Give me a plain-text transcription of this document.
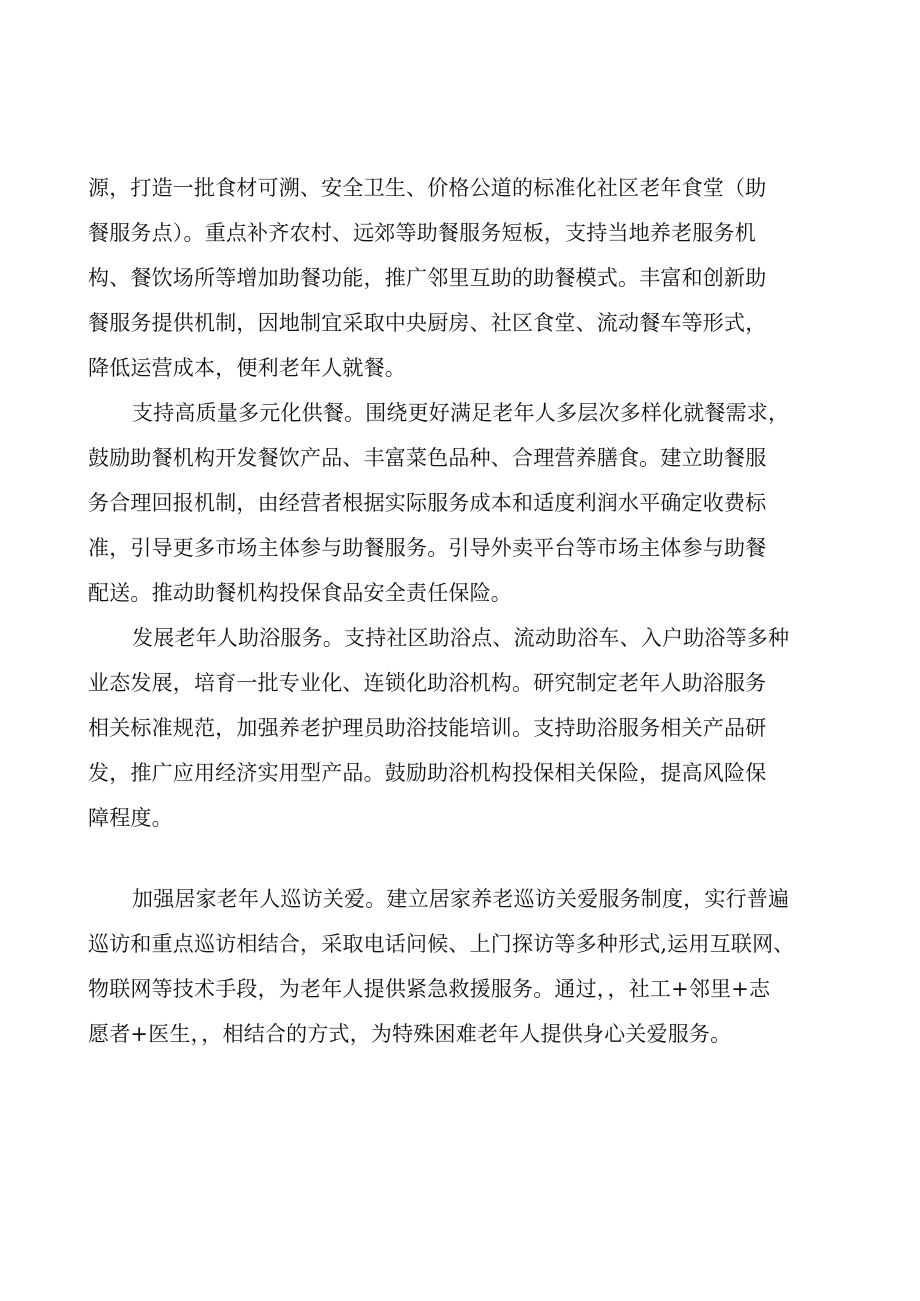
源，打造一批食材可溯、安全卫生、价格公道的标准化社区老年食堂（助
餐服务点）。重点补齐农村、远郊等助餐服务短板，支持当地养老服务机
构、餐饮场所等增加助餐功能，推广邻里互助的助餐模式。丰富和创新助
餐服务提供机制，因地制宜采取中央厨房、社区食堂、流动餐车等形式，
降低运营成本，便利老年人就餐。
支持高质量多元化供餐。围绕更好满足老年人多层次多样化就餐需求，
鼓励助餐机构开发餐饮产品、丰富菜色品种、合理营养膳食。建立助餐服
务合理回报机制，由经营者根据实际服务成本和适度利润水平确定收费标
准，引导更多市场主体参与助餐服务。引导外卖平台等市场主体参与助餐
配送。推动助餐机构投保食品安全责任保险。
发展老年人助浴服务。支持社区助浴点、流动助浴车、入户助浴等多种
业态发展，培育一批专业化、连锁化助浴机构。研究制定老年人助浴服务
相关标准规范，加强养老护理员助浴技能培训。支持助浴服务相关产品研
发，推广应用经济实用型产品。鼓励助浴机构投保相关保险，提高风险保
障程度。
加强居家老年人巡访关爱。建立居家养老巡访关爱服务制度，实行普遍
巡访和重点巡访相结合，采取电话问候、上门探访等多种形式,运用互联网、
物联网等技术手段，为老年人提供紧急救援服务。通过，，社工+邻里+志
愿者+医生，，相结合的方式，为特殊困难老年人提供身心关爱服务。
